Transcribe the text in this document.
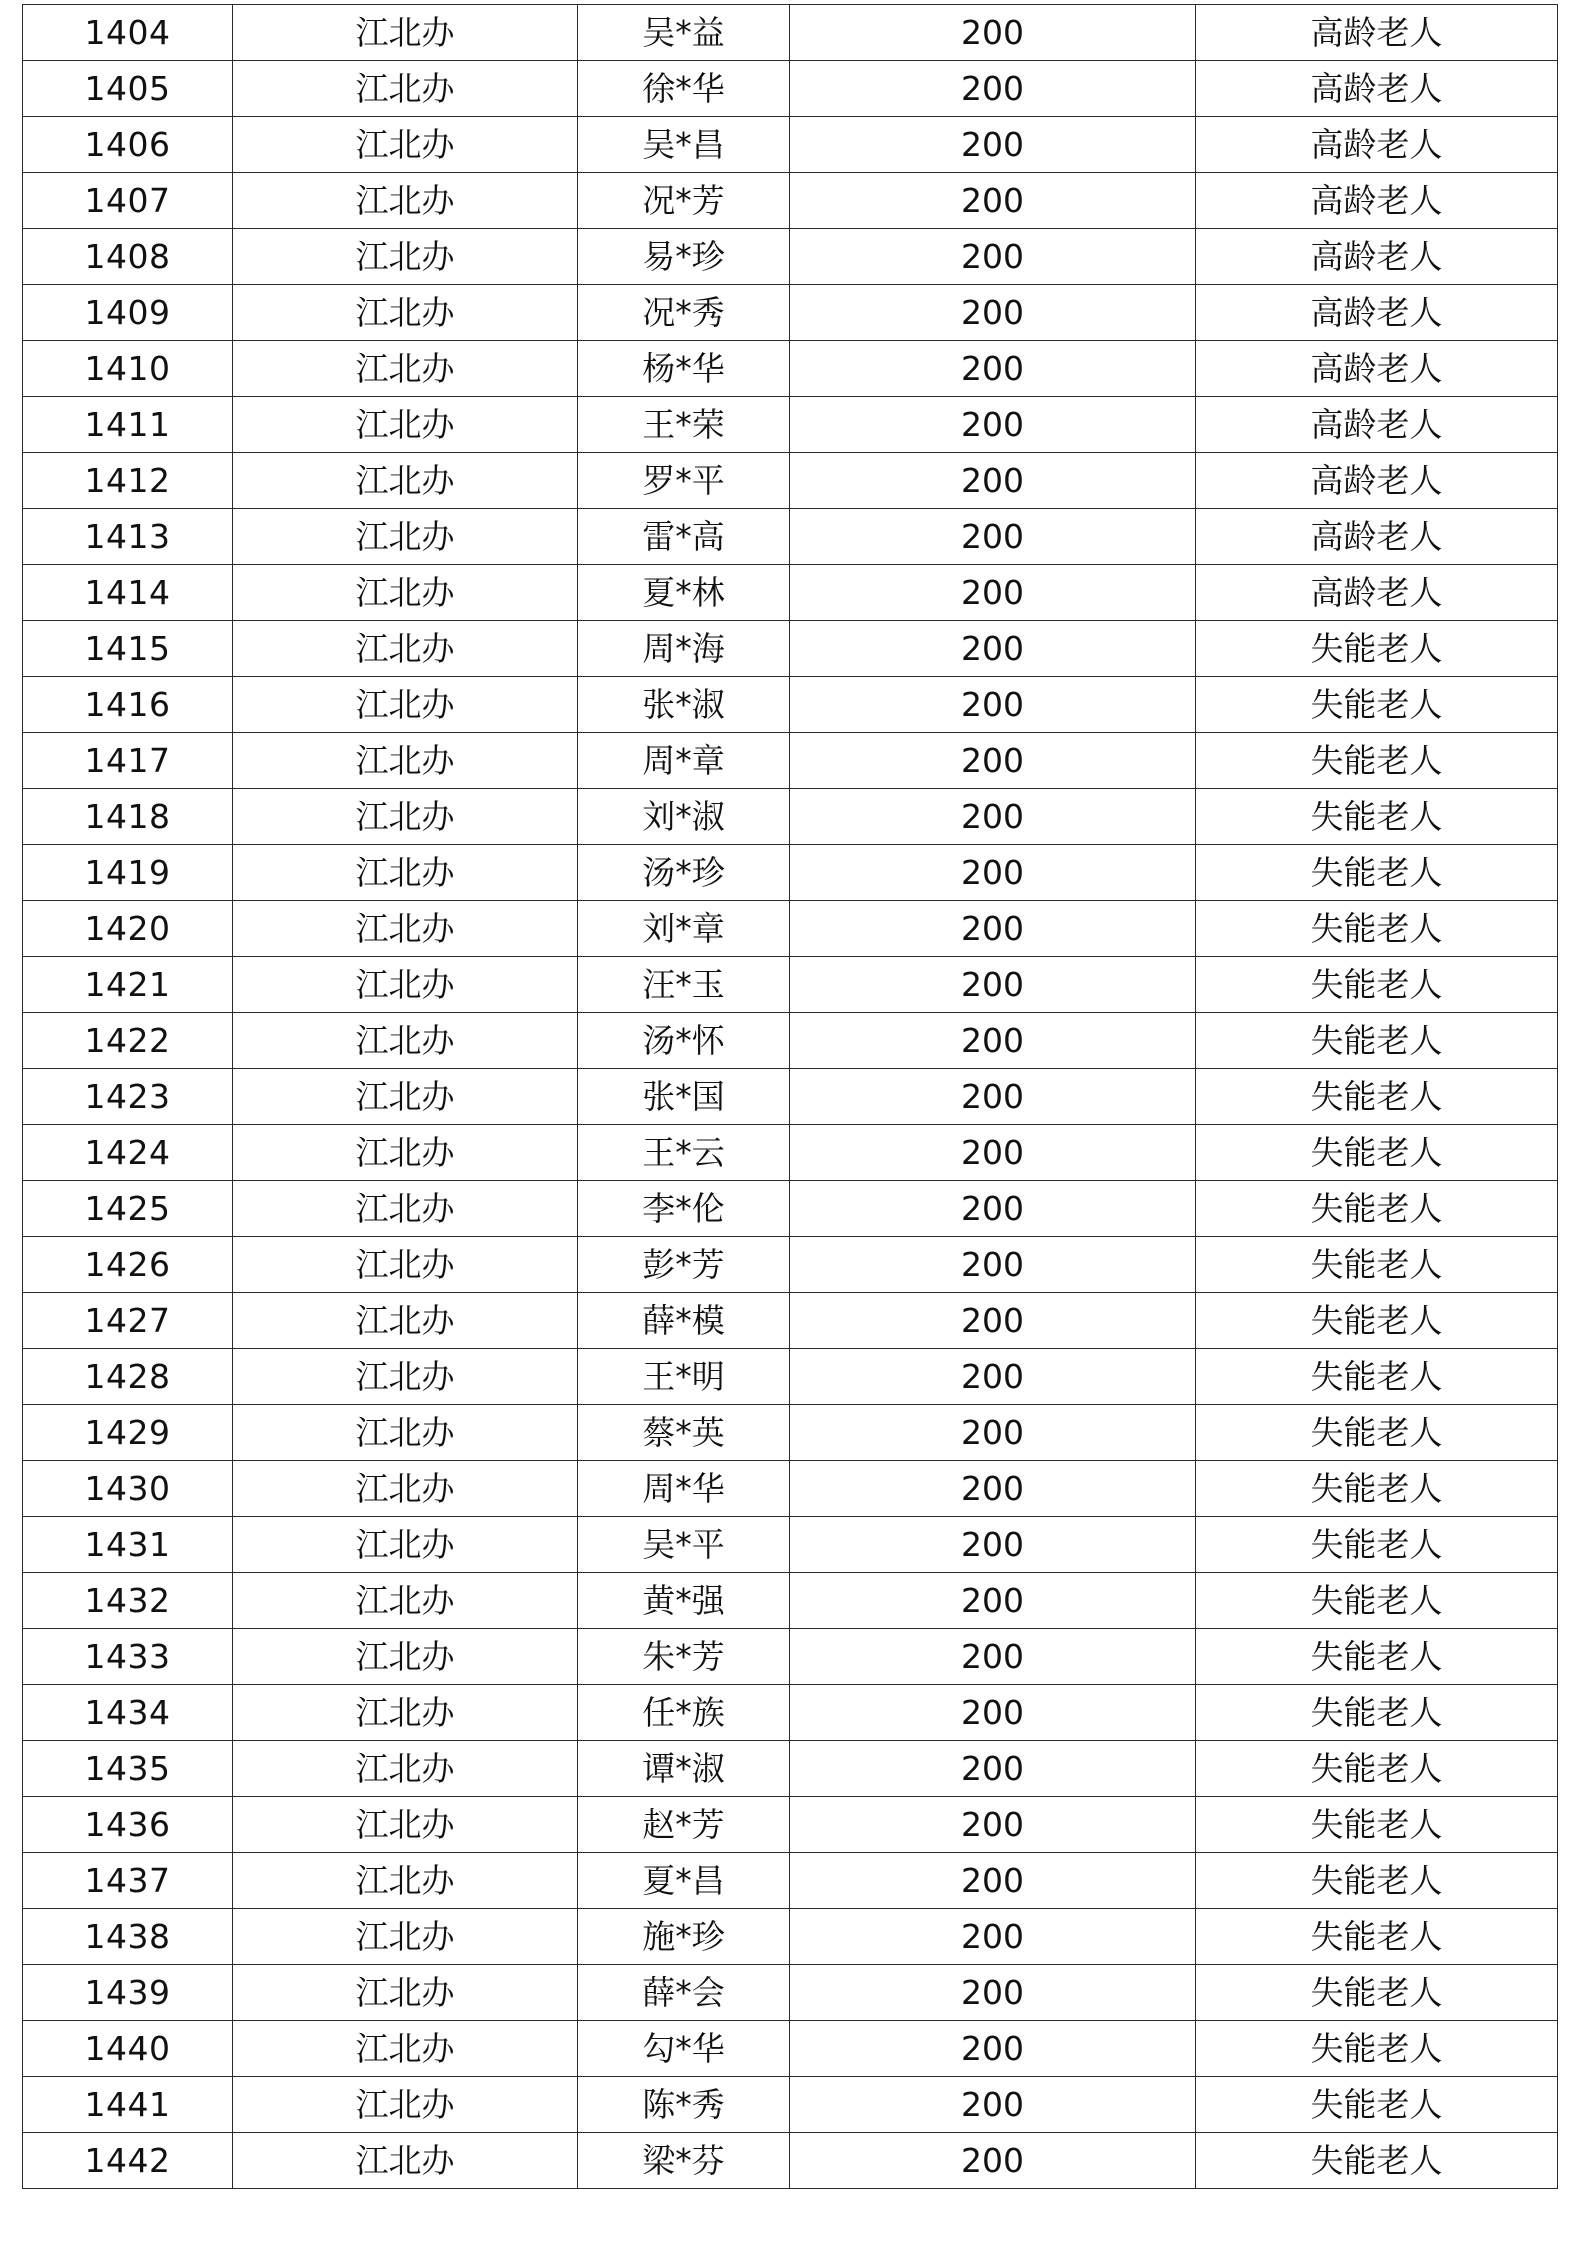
1404	江北办	吴*益	200	高龄老人
1405	江北办	徐*华	200	高龄老人
1406	江北办	吴*昌	200	高龄老人
1407	江北办	况*芳	200	高龄老人
1408	江北办	易*珍	200	高龄老人
1409	江北办	况*秀	200	高龄老人
1410	江北办	杨*华	200	高龄老人
1411	江北办	王*荣	200	高龄老人
1412	江北办	罗*平	200	高龄老人
1413	江北办	雷*高	200	高龄老人
1414	江北办	夏*林	200	高龄老人
1415	江北办	周*海	200	失能老人
1416	江北办	张*淑	200	失能老人
1417	江北办	周*章	200	失能老人
1418	江北办	刘*淑	200	失能老人
1419	江北办	汤*珍	200	失能老人
1420	江北办	刘*章	200	失能老人
1421	江北办	汪*玉	200	失能老人
1422	江北办	汤*怀	200	失能老人
1423	江北办	张*国	200	失能老人
1424	江北办	王*云	200	失能老人
1425	江北办	李*伦	200	失能老人
1426	江北办	彭*芳	200	失能老人
1427	江北办	薛*模	200	失能老人
1428	江北办	王*明	200	失能老人
1429	江北办	蔡*英	200	失能老人
1430	江北办	周*华	200	失能老人
1431	江北办	吴*平	200	失能老人
1432	江北办	黄*强	200	失能老人
1433	江北办	朱*芳	200	失能老人
1434	江北办	任*族	200	失能老人
1435	江北办	谭*淑	200	失能老人
1436	江北办	赵*芳	200	失能老人
1437	江北办	夏*昌	200	失能老人
1438	江北办	施*珍	200	失能老人
1439	江北办	薛*会	200	失能老人
1440	江北办	勾*华	200	失能老人
1441	江北办	陈*秀	200	失能老人
1442	江北办	梁*芬	200	失能老人
